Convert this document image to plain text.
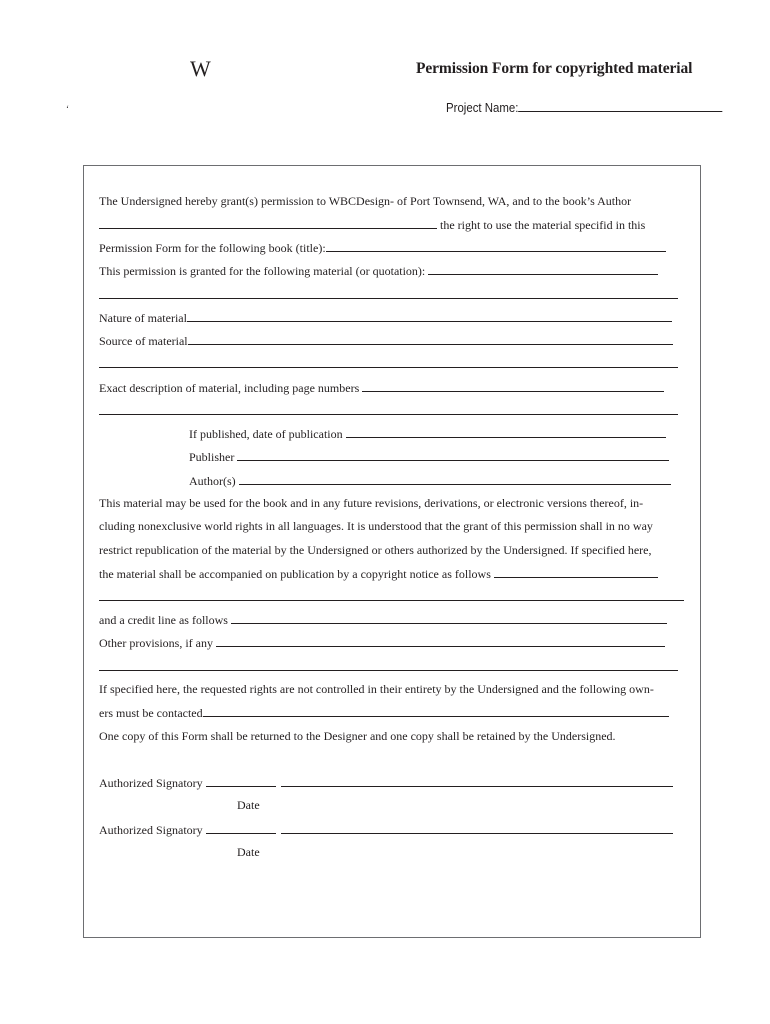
W	Permission Form for copyrighted material
ʻ	Project Name:
The Undersigned hereby grant(s) permission to WBCDesign- of Port Townsend, WA, and to the book’s Author
the right to use the material specifid in this
Permission Form for the following book (title):
This permission is granted for the following material (or quotation):
Nature of material
Source of material
Exact description of material, including page numbers
If published, date of publication
Publisher
Author(s)
This material may be used for the book and in any future revisions, derivations, or electronic versions thereof, in-
cluding nonexclusive world rights in all languages. It is understood that the grant of this permission shall in no way
restrict republication of the material by the Undersigned or others authorized by the Undersigned. If specified here,
the material shall be accompanied on publication by a copyright notice as follows
and a credit line as follows
Other provisions, if any
If specified here, the requested rights are not controlled in their entirety by the Undersigned and the following own-
ers must be contacted
One copy of this Form shall be returned to the Designer and one copy shall be retained by the Undersigned.
Authorized Signatory
Date
Authorized Signatory
Date
